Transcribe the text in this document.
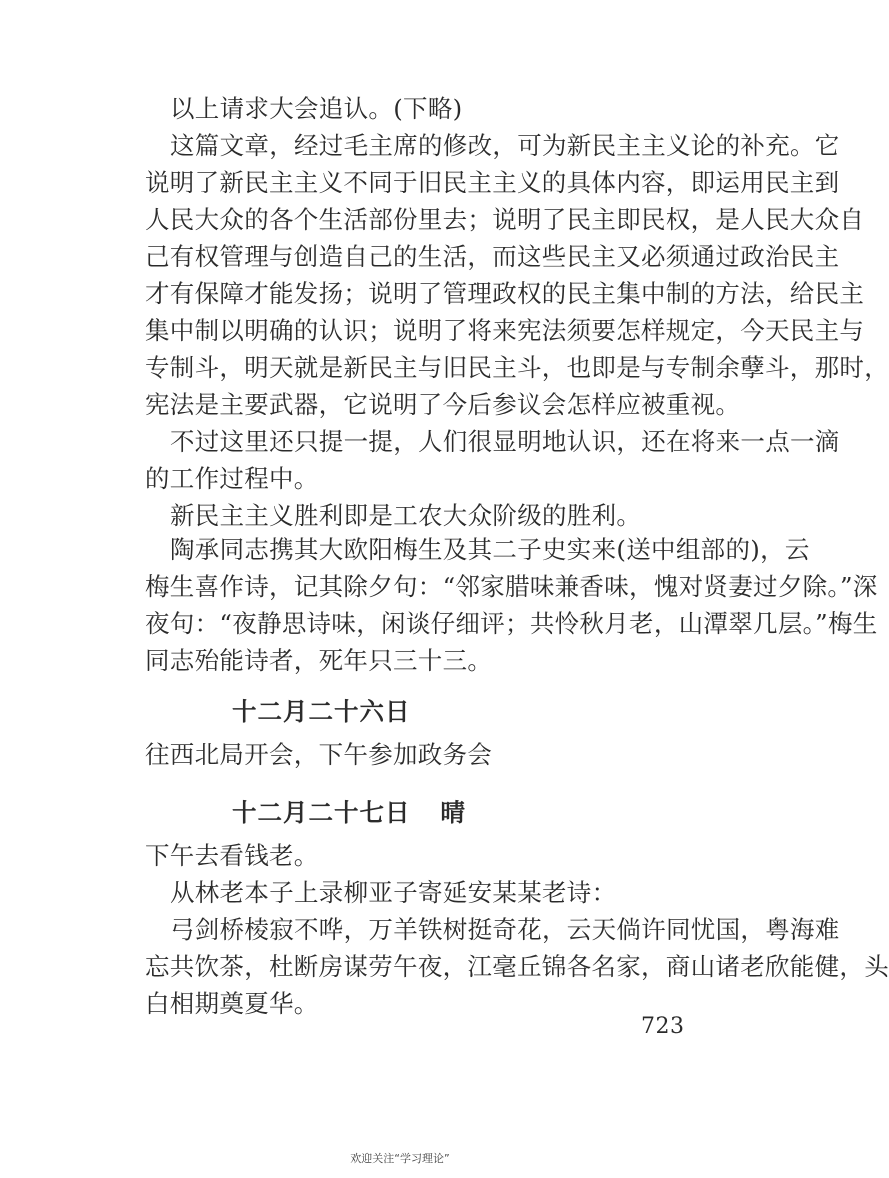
以上请求大会追认。(下略)
这篇文章，经过毛主席的修改，可为新民主主义论的补充。它
说明了新民主主义不同于旧民主主义的具体内容，即运用民主到
人民大众的各个生活部份里去；说明了民主即民权，是人民大众自
己有权管理与创造自己的生活，而这些民主又必须通过政治民主
才有保障才能发扬；说明了管理政权的民主集中制的方法，给民主
集中制以明确的认识；说明了将来宪法须要怎样规定，今天民主与
专制斗，明天就是新民主与旧民主斗，也即是与专制余孽斗，那时，
宪法是主要武器，它说明了今后参议会怎样应被重视。
不过这里还只提一提，人们很显明地认识，还在将来一点一滴
的工作过程中。
新民主主义胜利即是工农大众阶级的胜利。
陶承同志携其大欧阳梅生及其二子史实来(送中组部的)，云
梅生喜作诗，记其除夕句：“邻家腊味兼香味，愧对贤妻过夕除。”深
夜句：“夜静思诗味，闲谈仔细评；共怜秋月老，山潭翠几层。”梅生
同志殆能诗者，死年只三十三。
十二月二十六日
往西北局开会，下午参加政务会
十二月二十七日 晴
下午去看钱老。
从林老本子上录柳亚子寄延安某某老诗：
弓剑桥棱寂不哗，万羊铁树挺奇花，云天倘许同忧国，粤海难
忘共饮茶，杜断房谋劳午夜，江毫丘锦各名家，商山诸老欣能健，头
白相期奠夏华。
723
欢迎关注“学习理论”
